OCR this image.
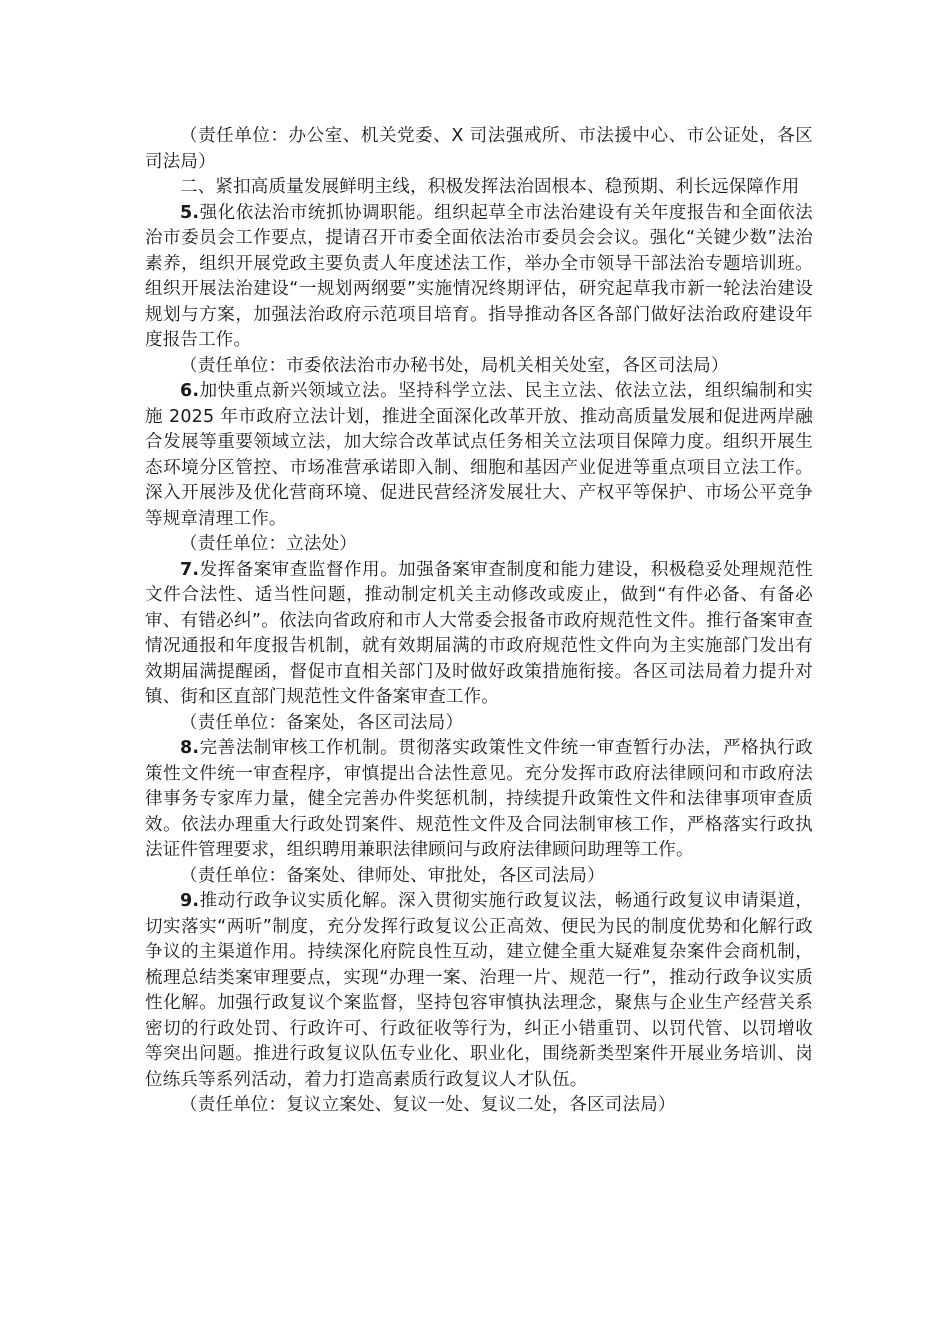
（责任单位：办公室、机关党委、X 司法强戒所、市法援中心、市公证处，各区司法局）

二、紧扣高质量发展鲜明主线，积极发挥法治固根本、稳预期、利长远保障作用

5.强化依法治市统抓协调职能。组织起草全市法治建设有关年度报告和全面依法治市委员会工作要点，提请召开市委全面依法治市委员会会议。强化“关键少数”法治素养，组织开展党政主要负责人年度述法工作，举办全市领导干部法治专题培训班。组织开展法治建设“一规划两纲要”实施情况终期评估，研究起草我市新一轮法治建设规划与方案，加强法治政府示范项目培育。指导推动各区各部门做好法治政府建设年度报告工作。

（责任单位：市委依法治市办秘书处，局机关相关处室，各区司法局）

6.加快重点新兴领域立法。坚持科学立法、民主立法、依法立法，组织编制和实施 2025 年市政府立法计划，推进全面深化改革开放、推动高质量发展和促进两岸融合发展等重要领域立法，加大综合改革试点任务相关立法项目保障力度。组织开展生态环境分区管控、市场准营承诺即入制、细胞和基因产业促进等重点项目立法工作。深入开展涉及优化营商环境、促进民营经济发展壮大、产权平等保护、市场公平竞争等规章清理工作。

（责任单位：立法处）

7.发挥备案审查监督作用。加强备案审查制度和能力建设，积极稳妥处理规范性文件合法性、适当性问题，推动制定机关主动修改或废止，做到“有件必备、有备必审、有错必纠”。依法向省政府和市人大常委会报备市政府规范性文件。推行备案审查情况通报和年度报告机制，就有效期届满的市政府规范性文件向为主实施部门发出有效期届满提醒函，督促市直相关部门及时做好政策措施衔接。各区司法局着力提升对镇、街和区直部门规范性文件备案审查工作。

（责任单位：备案处，各区司法局）

8.完善法制审核工作机制。贯彻落实政策性文件统一审查暂行办法，严格执行政策性文件统一审查程序，审慎提出合法性意见。充分发挥市政府法律顾问和市政府法律事务专家库力量，健全完善办件奖惩机制，持续提升政策性文件和法律事项审查质效。依法办理重大行政处罚案件、规范性文件及合同法制审核工作，严格落实行政执法证件管理要求，组织聘用兼职法律顾问与政府法律顾问助理等工作。

（责任单位：备案处、律师处、审批处，各区司法局）

9.推动行政争议实质化解。深入贯彻实施行政复议法，畅通行政复议申请渠道，切实落实“两听”制度，充分发挥行政复议公正高效、便民为民的制度优势和化解行政争议的主渠道作用。持续深化府院良性互动，建立健全重大疑难复杂案件会商机制，梳理总结类案审理要点，实现“办理一案、治理一片、规范一行”，推动行政争议实质性化解。加强行政复议个案监督，坚持包容审慎执法理念，聚焦与企业生产经营关系密切的行政处罚、行政许可、行政征收等行为，纠正小错重罚、以罚代管、以罚增收等突出问题。推进行政复议队伍专业化、职业化，围绕新类型案件开展业务培训、岗位练兵等系列活动，着力打造高素质行政复议人才队伍。

（责任单位：复议立案处、复议一处、复议二处，各区司法局）
